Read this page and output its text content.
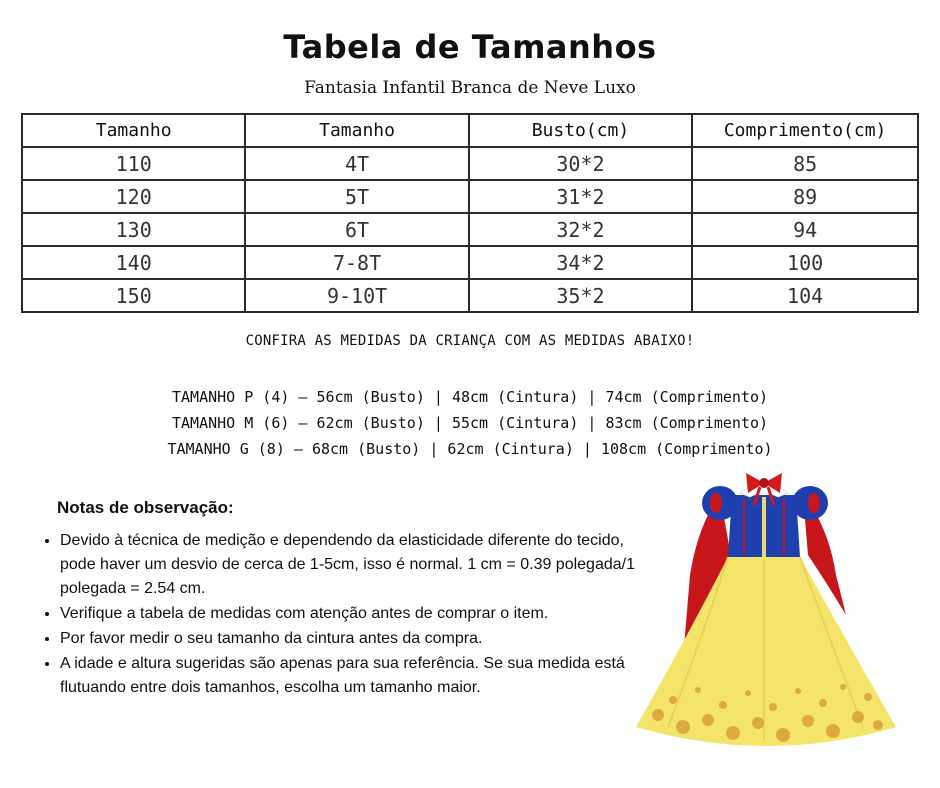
Tabela de Tamanhos
Fantasia Infantil Branca de Neve Luxo
Tamanho	Tamanho	Busto(cm)	Comprimento(cm)
110	4T	30*2	85
120	5T	31*2	89
130	6T	32*2	94
140	7-8T	34*2	100
150	9-10T	35*2	104
CONFIRA AS MEDIDAS DA CRIANÇA COM AS MEDIDAS ABAIXO!
TAMANHO P (4) – 56cm (Busto) | 48cm (Cintura) | 74cm (Comprimento)
TAMANHO M (6) – 62cm (Busto) | 55cm (Cintura) | 83cm (Comprimento)
TAMANHO G (8) – 68cm (Busto) | 62cm (Cintura) | 108cm (Comprimento)
Notas de observação:
• Devido à técnica de medição e dependendo da elasticidade diferente do tecido, pode haver um desvio de cerca de 1-5cm, isso é normal. 1 cm = 0.39 polegada/1 polegada = 2.54 cm.
• Verifique a tabela de medidas com atenção antes de comprar o item.
• Por favor medir o seu tamanho da cintura antes da compra.
• A idade e altura sugeridas são apenas para sua referência. Se sua medida está flutuando entre dois tamanhos, escolha um tamanho maior.
